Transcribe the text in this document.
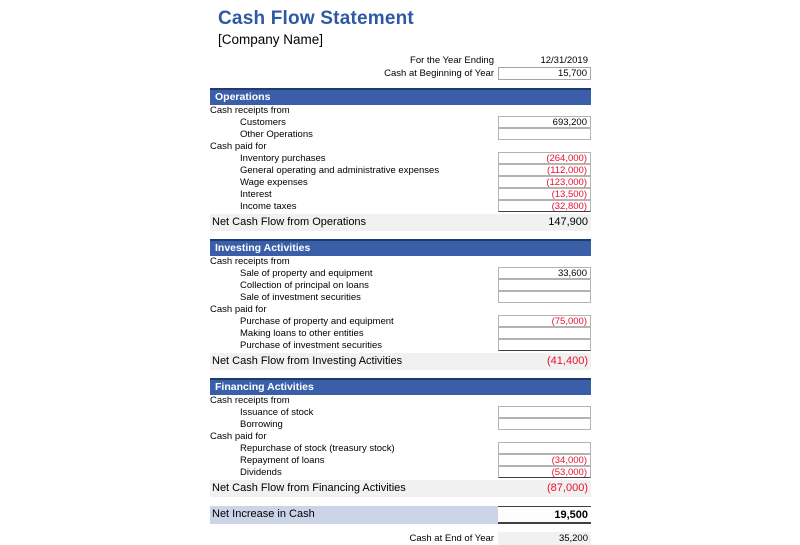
Cash Flow Statement
[Company Name]
For the Year Ending	12/31/2019
Cash at Beginning of Year	15,700
Operations
Cash receipts from
Customers	693,200
Other Operations
Cash paid for
Inventory purchases	(264,000)
General operating and administrative expenses	(112,000)
Wage expenses	(123,000)
Interest	(13,500)
Income taxes	(32,800)
Net Cash Flow from Operations	147,900
Investing Activities
Cash receipts from
Sale of property and equipment	33,600
Collection of principal on loans
Sale of investment securities
Cash paid for
Purchase of property and equipment	(75,000)
Making loans to other entities
Purchase of investment securities
Net Cash Flow from Investing Activities	(41,400)
Financing Activities
Cash receipts from
Issuance of stock
Borrowing
Cash paid for
Repurchase of stock (treasury stock)
Repayment of loans	(34,000)
Dividends	(53,000)
Net Cash Flow from Financing Activities	(87,000)
Net Increase in Cash	19,500
Cash at End of Year	35,200
